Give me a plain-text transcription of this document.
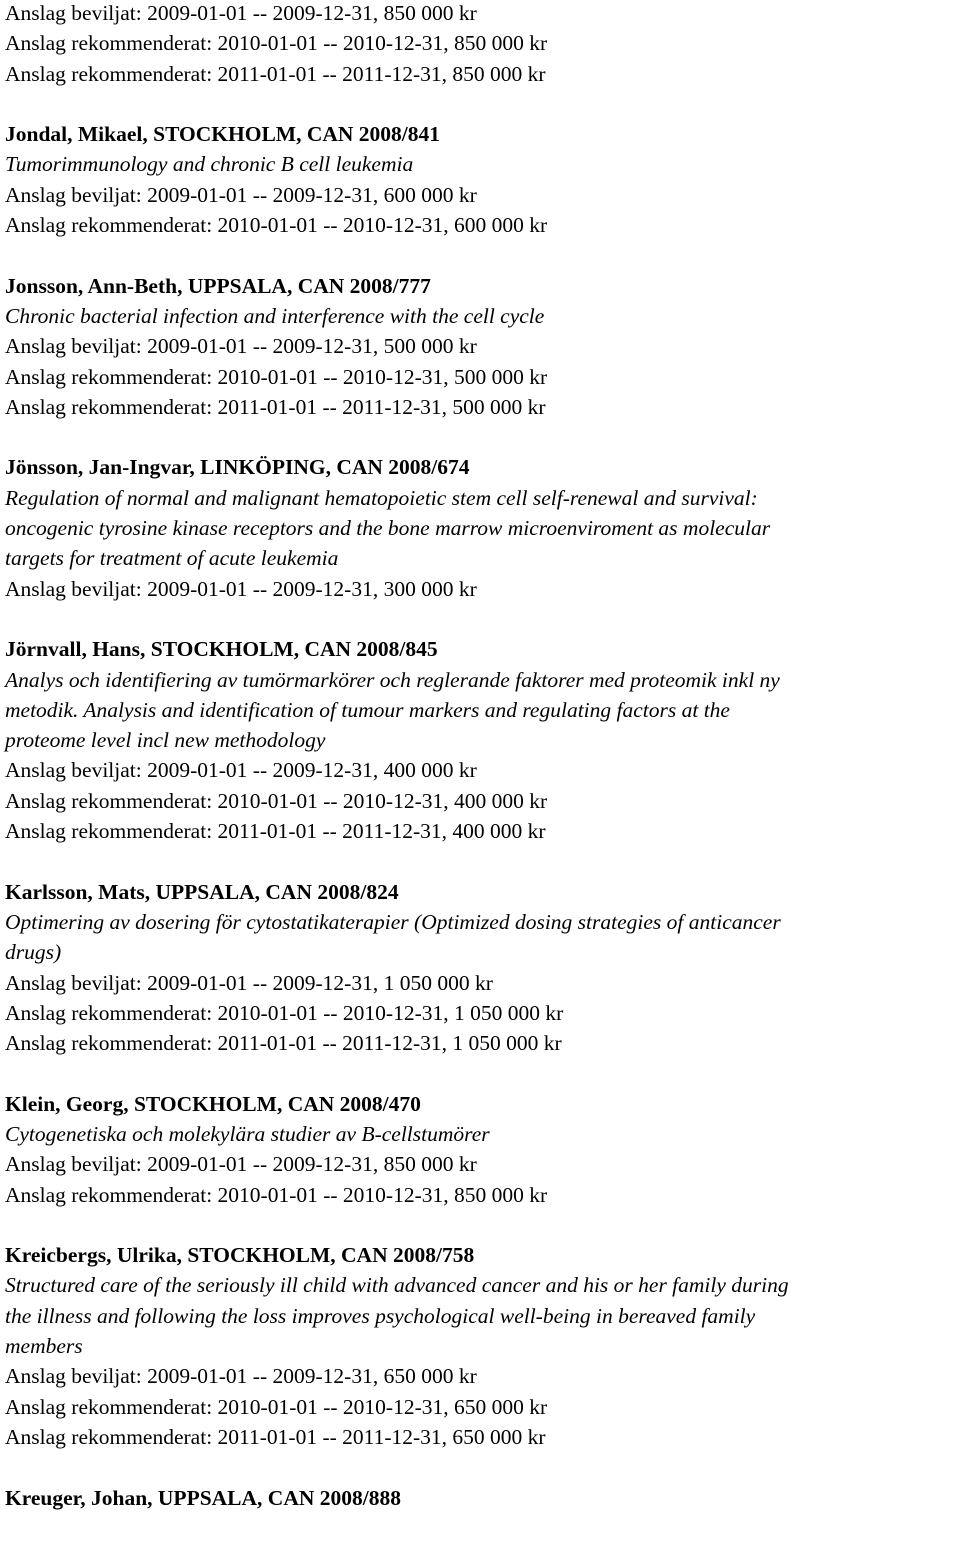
Anslag beviljat: 2009-01-01 -- 2009-12-31, 850 000 kr
Anslag rekommenderat: 2010-01-01 -- 2010-12-31, 850 000 kr
Anslag rekommenderat: 2011-01-01 -- 2011-12-31, 850 000 kr
Jondal, Mikael, STOCKHOLM, CAN 2008/841
Tumorimmunology and chronic B cell leukemia
Anslag beviljat: 2009-01-01 -- 2009-12-31, 600 000 kr
Anslag rekommenderat: 2010-01-01 -- 2010-12-31, 600 000 kr
Jonsson, Ann-Beth, UPPSALA, CAN 2008/777
Chronic bacterial infection and interference with the cell cycle
Anslag beviljat: 2009-01-01 -- 2009-12-31, 500 000 kr
Anslag rekommenderat: 2010-01-01 -- 2010-12-31, 500 000 kr
Anslag rekommenderat: 2011-01-01 -- 2011-12-31, 500 000 kr
Jönsson, Jan-Ingvar, LINKÖPING, CAN 2008/674
Regulation of normal and malignant hematopoietic stem cell self-renewal and survival:
oncogenic tyrosine kinase receptors and the bone marrow microenviroment as molecular
targets for treatment of acute leukemia
Anslag beviljat: 2009-01-01 -- 2009-12-31, 300 000 kr
Jörnvall, Hans, STOCKHOLM, CAN 2008/845
Analys och identifiering av tumörmarkörer och reglerande faktorer med proteomik inkl ny
metodik. Analysis and identification of tumour markers and regulating factors at the
proteome level incl new methodology
Anslag beviljat: 2009-01-01 -- 2009-12-31, 400 000 kr
Anslag rekommenderat: 2010-01-01 -- 2010-12-31, 400 000 kr
Anslag rekommenderat: 2011-01-01 -- 2011-12-31, 400 000 kr
Karlsson, Mats, UPPSALA, CAN 2008/824
Optimering av dosering för cytostatikaterapier (Optimized dosing strategies of anticancer
drugs)
Anslag beviljat: 2009-01-01 -- 2009-12-31, 1 050 000 kr
Anslag rekommenderat: 2010-01-01 -- 2010-12-31, 1 050 000 kr
Anslag rekommenderat: 2011-01-01 -- 2011-12-31, 1 050 000 kr
Klein, Georg, STOCKHOLM, CAN 2008/470
Cytogenetiska och molekylära studier av B-cellstumörer
Anslag beviljat: 2009-01-01 -- 2009-12-31, 850 000 kr
Anslag rekommenderat: 2010-01-01 -- 2010-12-31, 850 000 kr
Kreicbergs, Ulrika, STOCKHOLM, CAN 2008/758
Structured care of the seriously ill child with advanced cancer and his or her family during
the illness and following the loss improves psychological well-being in bereaved family
members
Anslag beviljat: 2009-01-01 -- 2009-12-31, 650 000 kr
Anslag rekommenderat: 2010-01-01 -- 2010-12-31, 650 000 kr
Anslag rekommenderat: 2011-01-01 -- 2011-12-31, 650 000 kr
Kreuger, Johan, UPPSALA, CAN 2008/888
